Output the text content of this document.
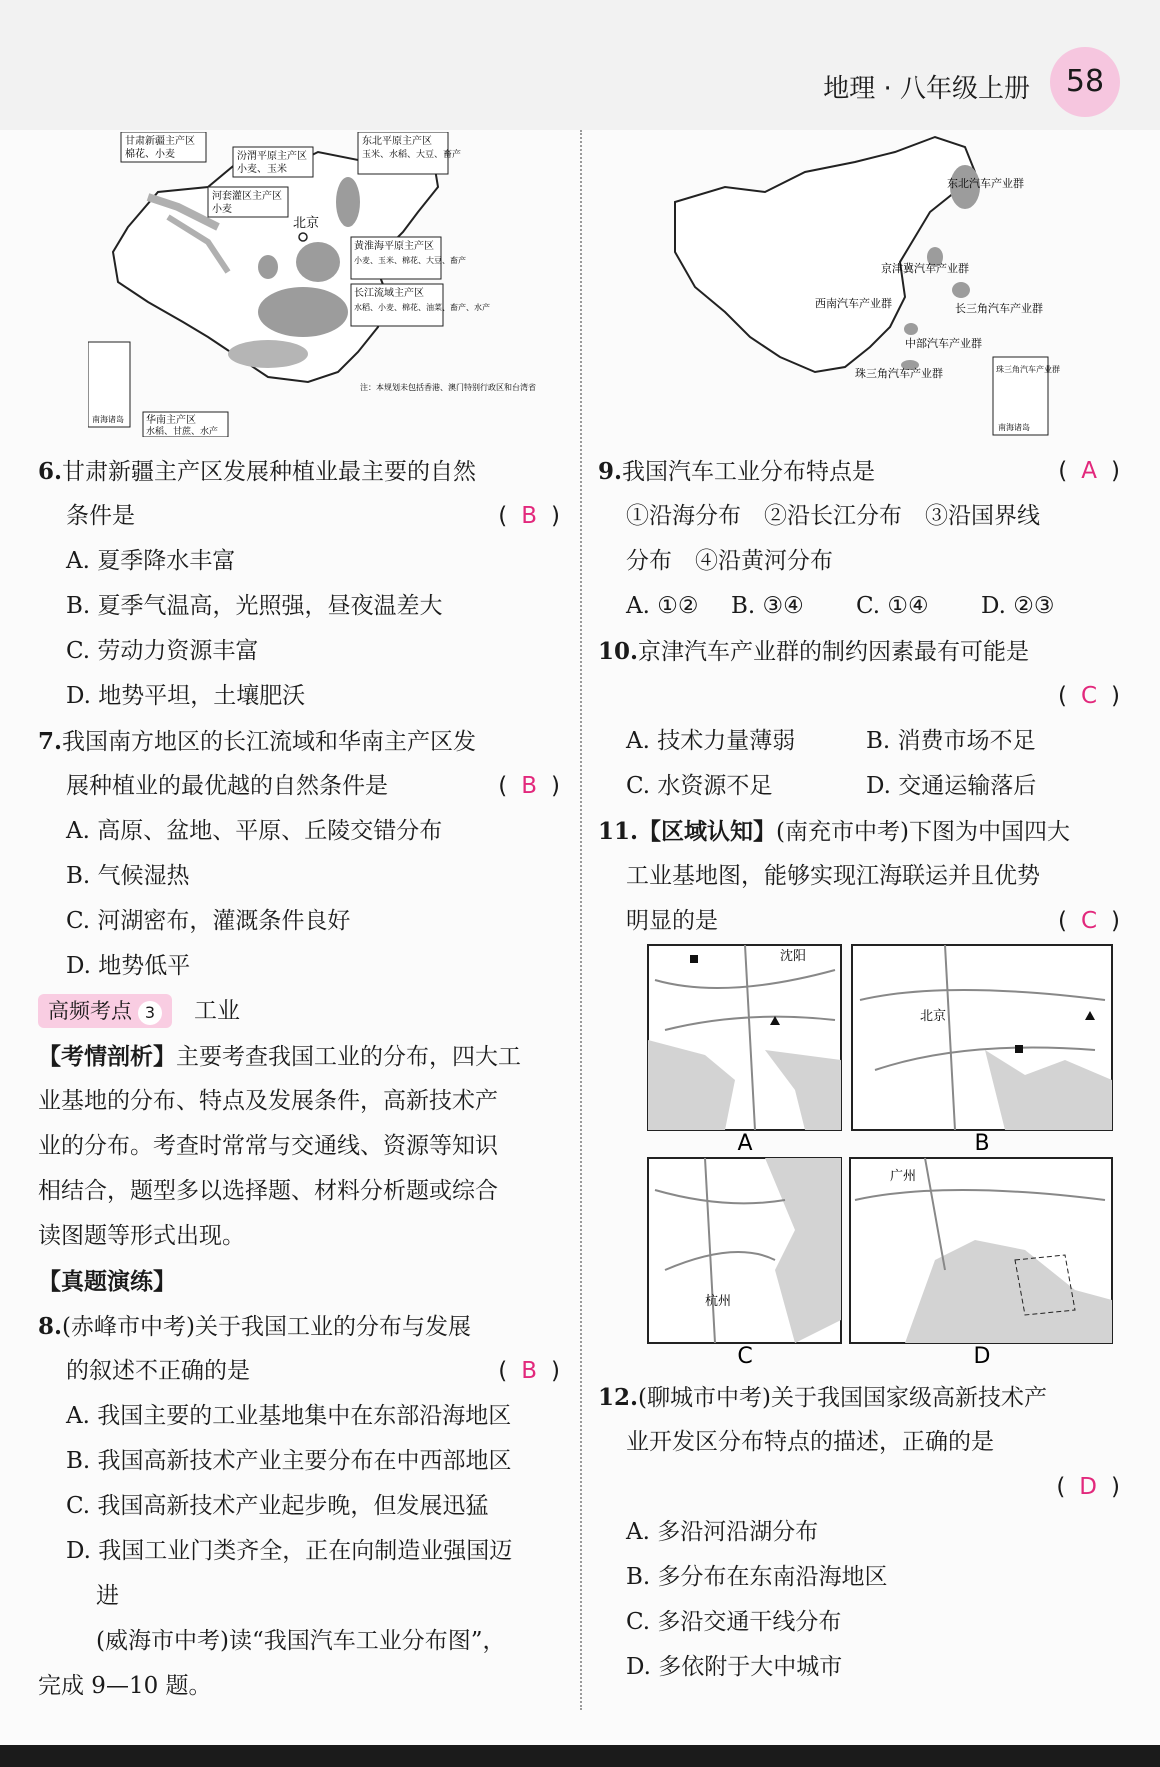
地理 · 八年级上册	58
北京
甘肃新疆主产区
棉花、小麦	汾渭平原主产区
小麦、玉米
河套灌区主产区
小麦
东北平原主产区
玉米、水稻、大豆、畜产
黄淮海平原主产区
小麦、玉米、棉花、大豆、畜产
长江流域主产区
水稻、小麦、棉花、油菜、畜产、水产
华南主产区
水稻、甘蔗、水产
南海诸岛
注：本规划未包括香港、澳门特别行政区和台湾省
东北汽车产业群
京津冀汽车产业群
西南汽车产业群	长三角汽车产业群
中部汽车产业群
珠三角汽车产业群	珠三角汽车产业群
南海诸岛
6.甘肃新疆主产区发展种植业最主要的自然
条件是	( B )
A. 夏季降水丰富
B. 夏季气温高，光照强，昼夜温差大
C. 劳动力资源丰富
D. 地势平坦，土壤肥沃
7.我国南方地区的长江流域和华南主产区发
展种植业的最优越的自然条件是	( B )
A. 高原、盆地、平原、丘陵交错分布
B. 气候湿热
C. 河湖密布，灌溉条件良好
D. 地势低平
高频考点 3 工业
【考情剖析】主要考查我国工业的分布，四大工
业基地的分布、特点及发展条件，高新技术产
业的分布。考查时常常与交通线、资源等知识
相结合，题型多以选择题、材料分析题或综合
读图题等形式出现。
【真题演练】
8.(赤峰市中考)关于我国工业的分布与发展
的叙述不正确的是	( B )
A. 我国主要的工业基地集中在东部沿海地区
B. 我国高新技术产业主要分布在中西部地区
C. 我国高新技术产业起步晚，但发展迅猛
D. 我国工业门类齐全，正在向制造业强国迈
进
(威海市中考)读“我国汽车工业分布图”，
完成 9—10 题。
9.我国汽车工业分布特点是	( A )
①沿海分布　②沿长江分布　③沿国界线
分布　④沿黄河分布
A. ①②	B. ③④	C. ①④	D. ②③
10.京津汽车产业群的制约因素最有可能是
( C )
A. 技术力量薄弱	B. 消费市场不足
C. 水资源不足	D. 交通运输落后
11.【区域认知】(南充市中考)下图为中国四大
工业基地图，能够实现江海联运并且优势
明显的是	( C )
沈阳
A
北京
B
杭州
C
广州
D
12.(聊城市中考)关于我国国家级高新技术产
业开发区分布特点的描述，正确的是
( D )
A. 多沿河沿湖分布
B. 多分布在东南沿海地区
C. 多沿交通干线分布
D. 多依附于大中城市
